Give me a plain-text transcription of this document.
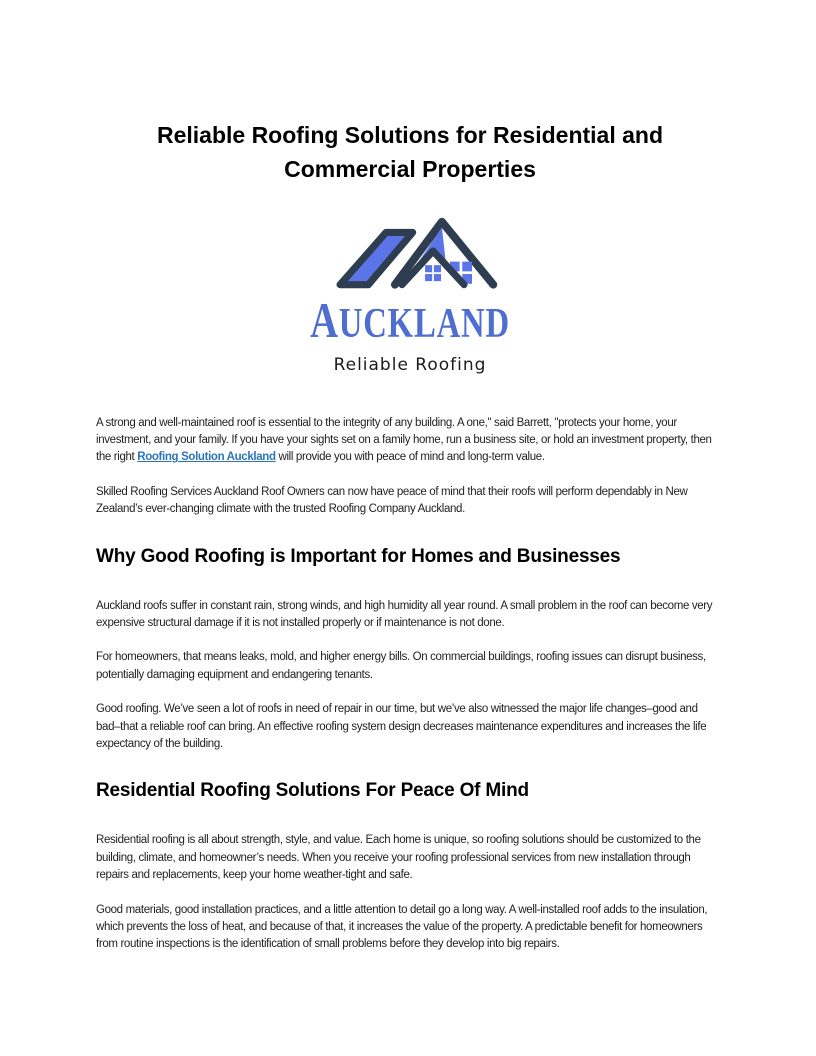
Reliable Roofing Solutions for Residential and Commercial Properties
AUCKLAND
Reliable Roofing

A strong and well-maintained roof is essential to the integrity of any building. A one," said Barrett, "protects your home, your investment, and your family. If you have your sights set on a family home, run a business site, or hold an investment property, then the right Roofing Solution Auckland will provide you with peace of mind and long-term value.

Skilled Roofing Services Auckland Roof Owners can now have peace of mind that their roofs will perform dependably in New Zealand’s ever-changing climate with the trusted Roofing Company Auckland.

Why Good Roofing is Important for Homes and Businesses

Auckland roofs suffer in constant rain, strong winds, and high humidity all year round. A small problem in the roof can become very expensive structural damage if it is not installed properly or if maintenance is not done.

For homeowners, that means leaks, mold, and higher energy bills. On commercial buildings, roofing issues can disrupt business, potentially damaging equipment and endangering tenants.

Good roofing. We’ve seen a lot of roofs in need of repair in our time, but we’ve also witnessed the major life changes–good and bad–that a reliable roof can bring. An effective roofing system design decreases maintenance expenditures and increases the life expectancy of the building.

Residential Roofing Solutions For Peace Of Mind

Residential roofing is all about strength, style, and value. Each home is unique, so roofing solutions should be customized to the building, climate, and homeowner’s needs. When you receive your roofing professional services from new installation through repairs and replacements, keep your home weather-tight and safe.

Good materials, good installation practices, and a little attention to detail go a long way. A well-installed roof adds to the insulation, which prevents the loss of heat, and because of that, it increases the value of the property. A predictable benefit for homeowners from routine inspections is the identification of small problems before they develop into big repairs.
